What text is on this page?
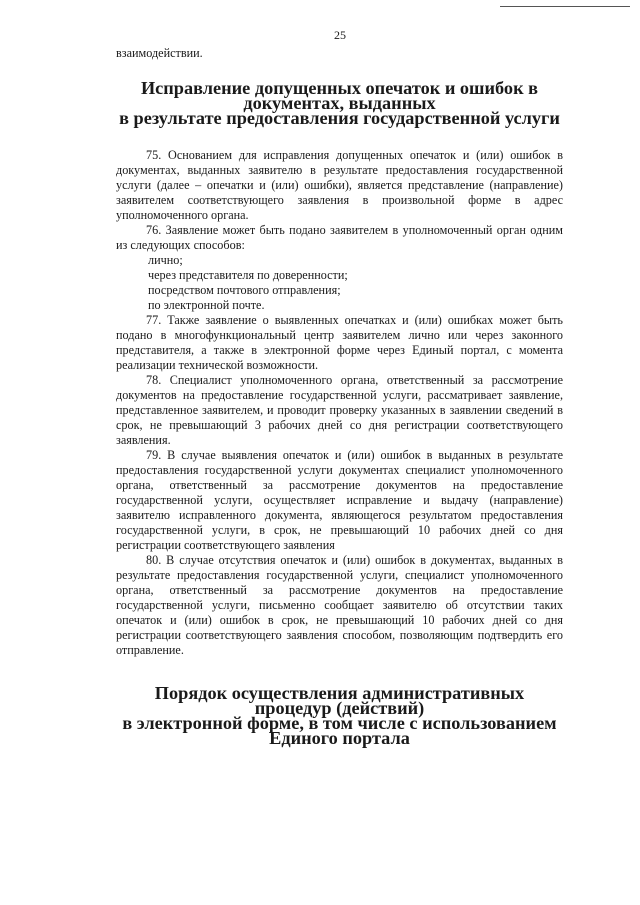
25

взаимодействии.

Исправление допущенных опечаток и ошибок в документах, выданных
в результате предоставления государственной услуги

75. Основанием для исправления допущенных опечаток и (или) ошибок в документах, выданных заявителю в результате предоставления государственной услуги (далее – опечатки и (или) ошибки), является представление (направление) заявителем соответствующего заявления в произвольной форме в адрес уполномоченного органа.

76. Заявление может быть подано заявителем в уполномоченный орган одним из следующих способов:

лично;
через представителя по доверенности;
посредством почтового отправления;
по электронной почте.

77. Также заявление о выявленных опечатках и (или) ошибках может быть подано в многофункциональный центр заявителем лично или через законного представителя, а также в электронной форме через Единый портал, с момента реализации технической возможности.

78. Специалист уполномоченного органа, ответственный за рассмотрение документов на предоставление государственной услуги, рассматривает заявление, представленное заявителем, и проводит проверку указанных в заявлении сведений в срок, не превышающий 3 рабочих дней со дня регистрации соответствующего заявления.

79. В случае выявления опечаток и (или) ошибок в выданных в результате предоставления государственной услуги документах специалист уполномоченного органа, ответственный за рассмотрение документов на предоставление государственной услуги, осуществляет исправление и выдачу (направление) заявителю исправленного документа, являющегося результатом предоставления государственной услуги, в срок, не превышающий 10 рабочих дней со дня регистрации соответствующего заявления

80. В случае отсутствия опечаток и (или) ошибок в документах, выданных в результате предоставления государственной услуги, специалист уполномоченного органа, ответственный за рассмотрение документов на предоставление государственной услуги, письменно сообщает заявителю об отсутствии таких опечаток и (или) ошибок в срок, не превышающий 10 рабочих дней со дня регистрации соответствующего заявления способом, позволяющим подтвердить его отправление.

Порядок осуществления административных процедур (действий)
в электронной форме, в том числе с использованием
Единого портала
